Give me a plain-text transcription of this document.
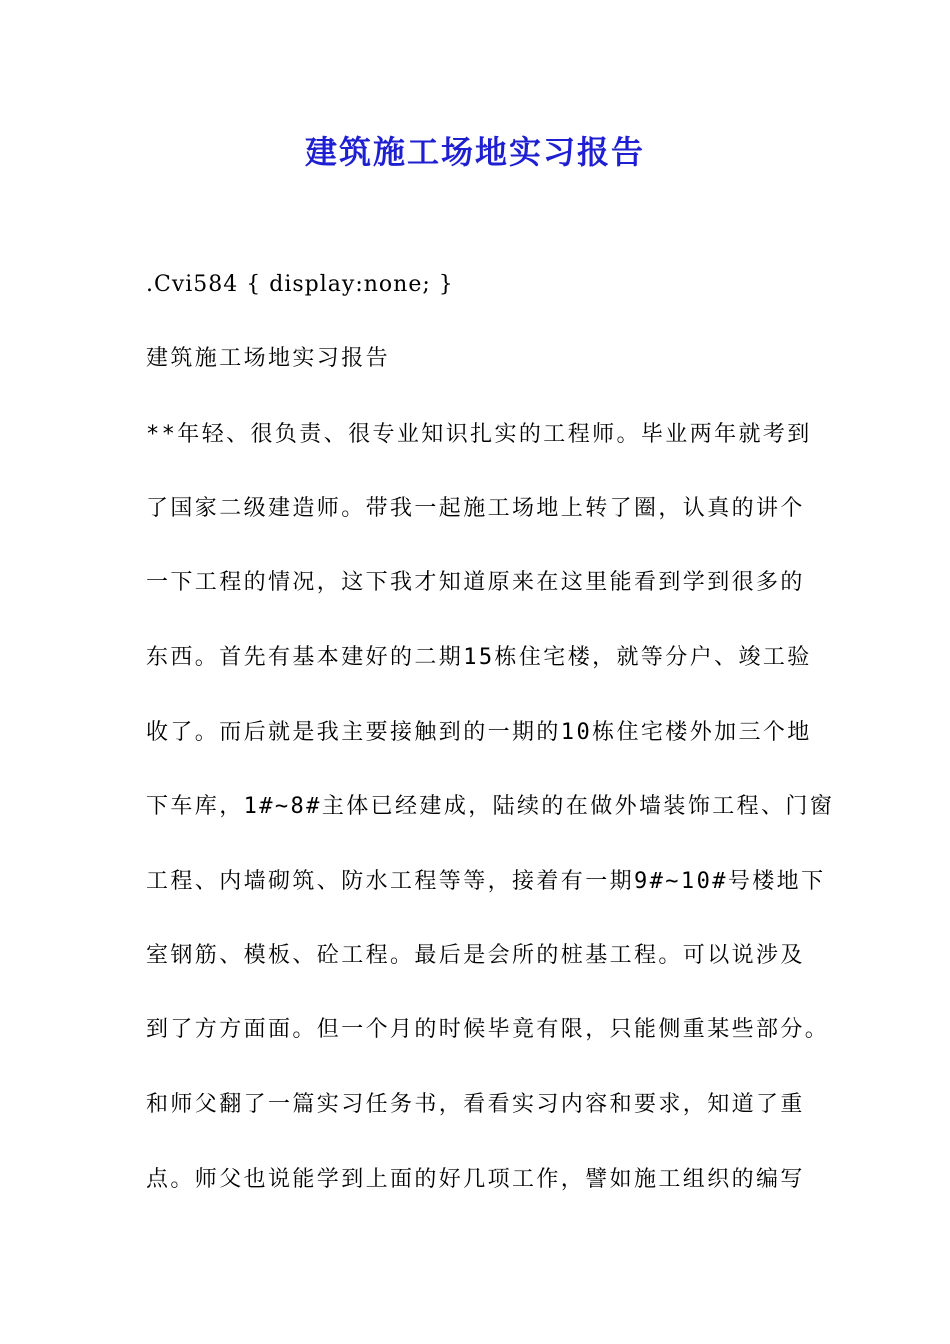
建筑施工场地实习报告
.Cvi584 { display:none; }
建筑施工场地实习报告
**年轻、很负责、很专业知识扎实的工程师。毕业两年就考到
了国家二级建造师。带我一起施工场地上转了圈，认真的讲个
一下工程的情况，这下我才知道原来在这里能看到学到很多的
东西。首先有基本建好的二期15栋住宅楼，就等分户、竣工验
收了。而后就是我主要接触到的一期的10栋住宅楼外加三个地
下车库，1#~8#主体已经建成，陆续的在做外墙装饰工程、门窗
工程、内墙砌筑、防水工程等等，接着有一期9#~10#号楼地下
室钢筋、模板、砼工程。最后是会所的桩基工程。可以说涉及
到了方方面面。但一个月的时候毕竟有限，只能侧重某些部分。
和师父翻了一篇实习任务书，看看实习内容和要求，知道了重
点。师父也说能学到上面的好几项工作，譬如施工组织的编写
